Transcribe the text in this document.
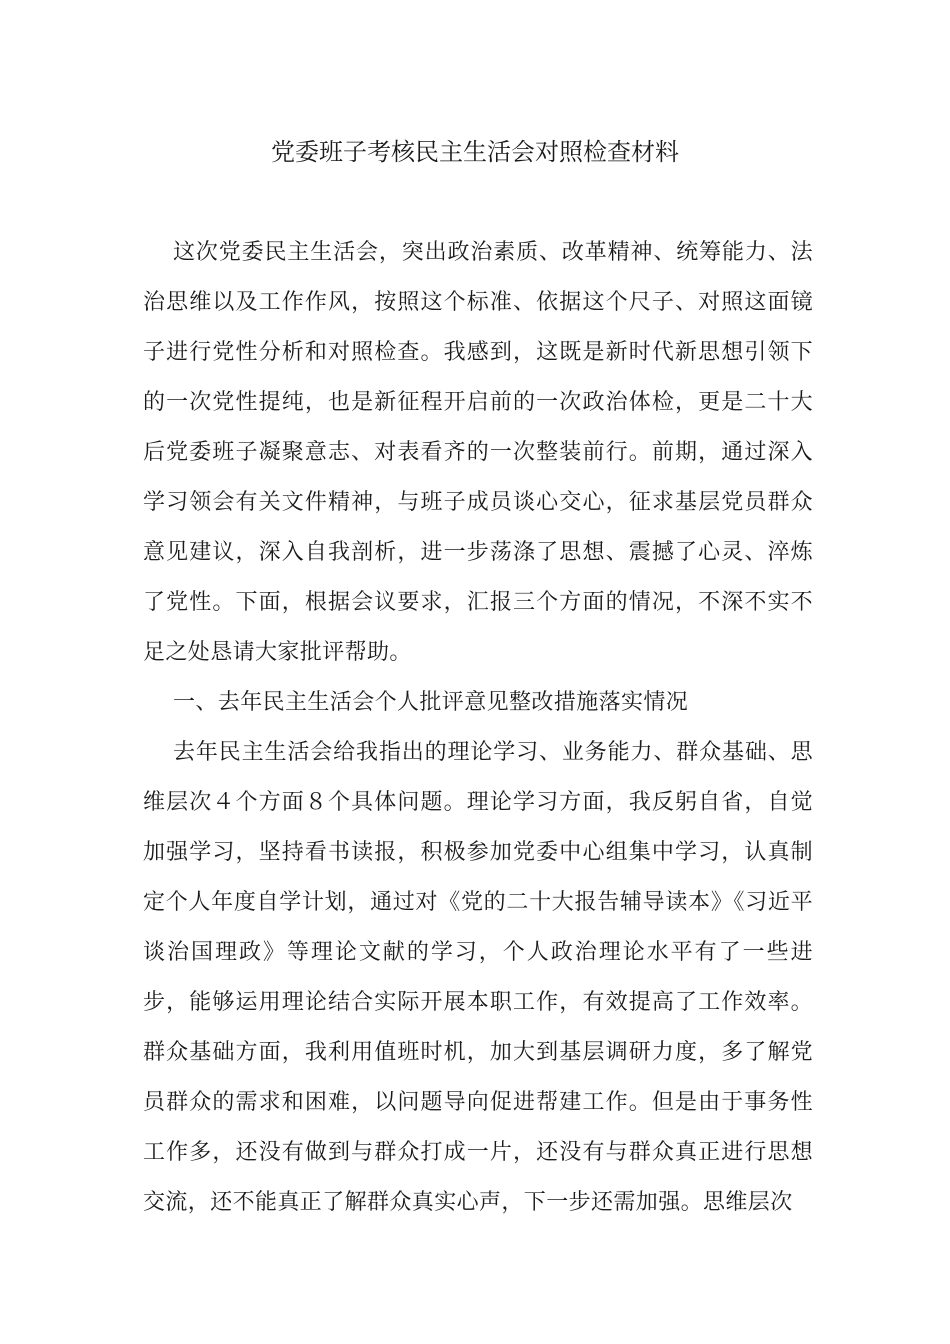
党委班子考核民主生活会对照检查材料

这次党委民主生活会，突出政治素质、改革精神、统筹能力、法治思维以及工作作风，按照这个标准、依据这个尺子、对照这面镜子进行党性分析和对照检查。我感到，这既是新时代新思想引领下的一次党性提纯，也是新征程开启前的一次政治体检，更是二十大后党委班子凝聚意志、对表看齐的一次整装前行。前期，通过深入学习领会有关文件精神，与班子成员谈心交心，征求基层党员群众意见建议，深入自我剖析，进一步荡涤了思想、震撼了心灵、淬炼了党性。下面，根据会议要求，汇报三个方面的情况，不深不实不足之处恳请大家批评帮助。

一、去年民主生活会个人批评意见整改措施落实情况

去年民主生活会给我指出的理论学习、业务能力、群众基础、思维层次４个方面８个具体问题。理论学习方面，我反躬自省，自觉加强学习，坚持看书读报，积极参加党委中心组集中学习，认真制定个人年度自学计划，通过对《党的二十大报告辅导读本》《习近平谈治国理政》等理论文献的学习，个人政治理论水平有了一些进步，能够运用理论结合实际开展本职工作，有效提高了工作效率。群众基础方面，我利用值班时机，加大到基层调研力度，多了解党员群众的需求和困难，以问题导向促进帮建工作。但是由于事务性工作多，还没有做到与群众打成一片，还没有与群众真正进行思想交流，还不能真正了解群众真实心声，下一步还需加强。思维层次
